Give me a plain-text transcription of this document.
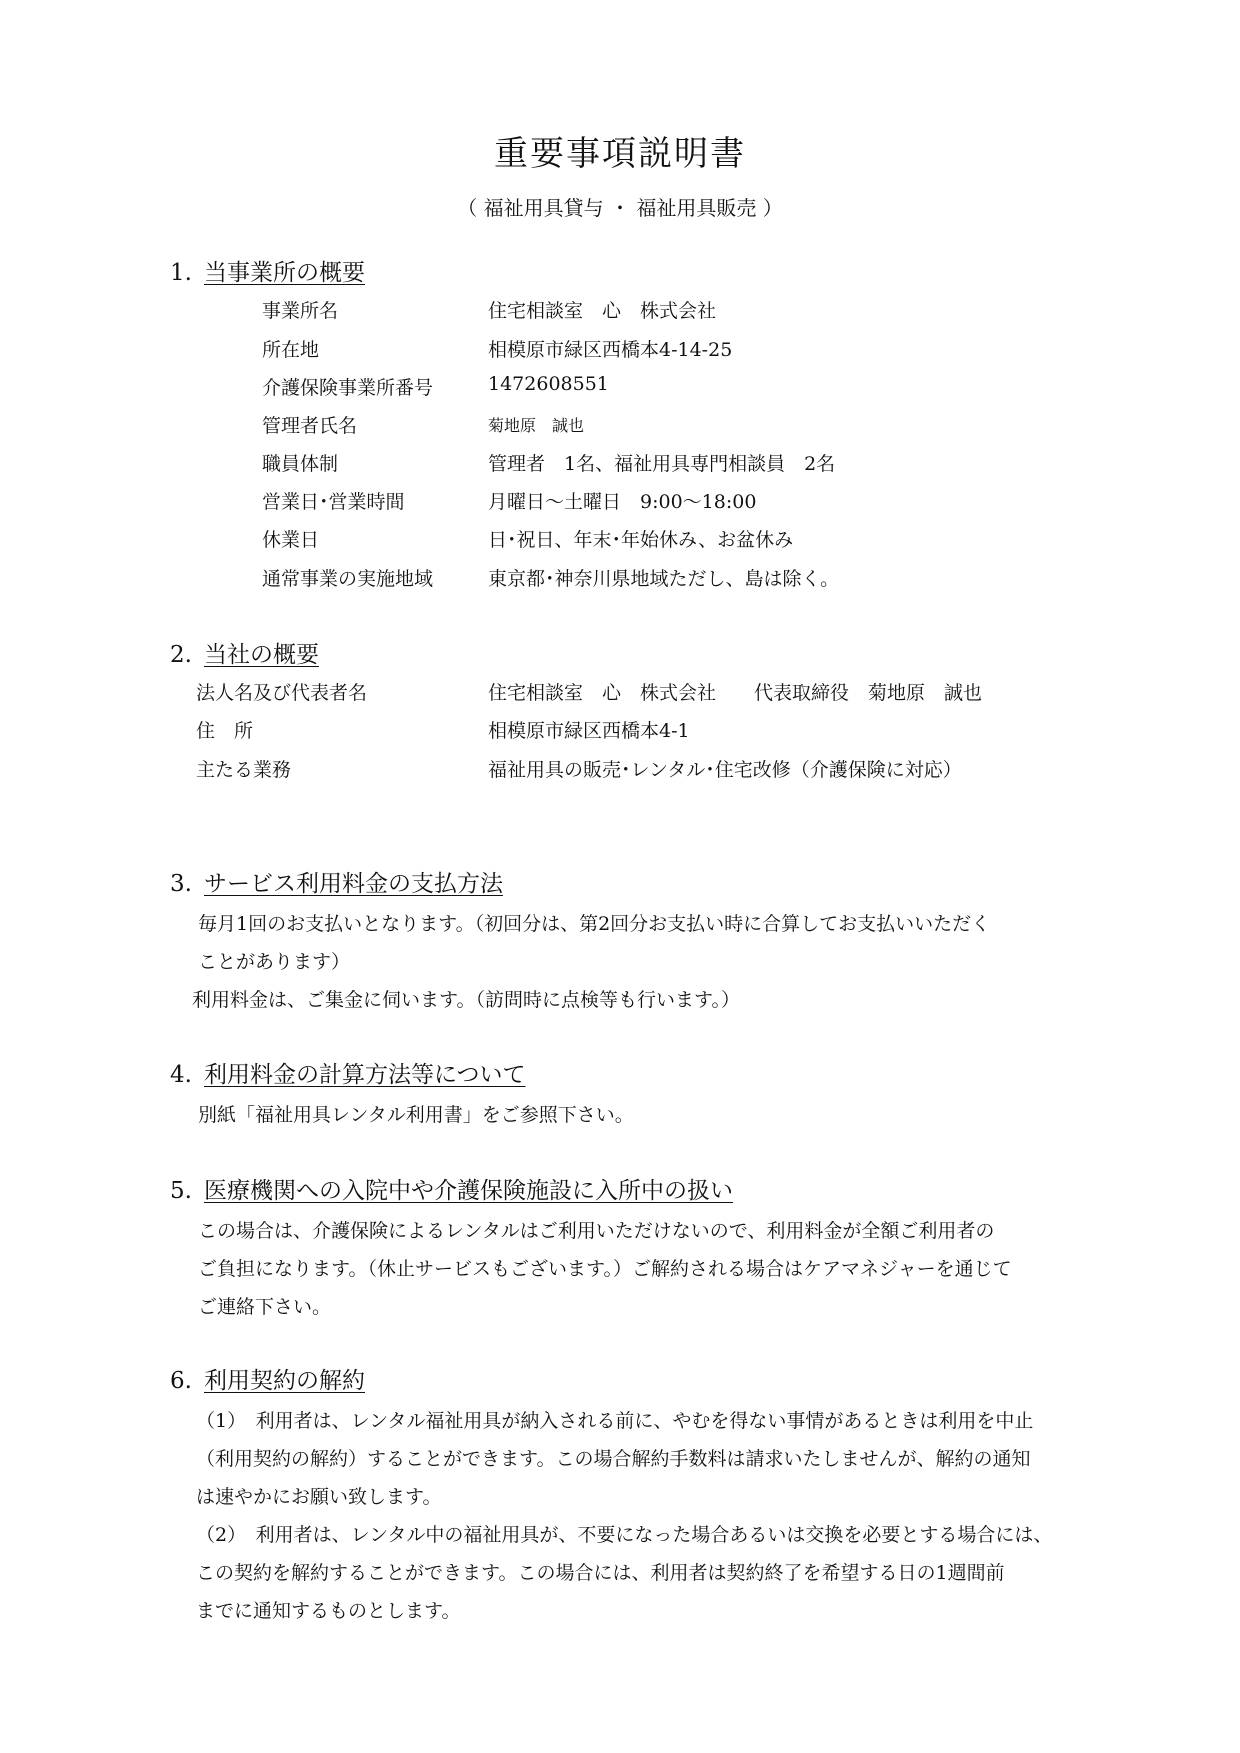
重要事項説明書

（ 福祉用具貸与 ・ 福祉用具販売 ）

1. 当事業所の概要
事業所名	住宅相談室　心　株式会社
所在地	相模原市緑区西橋本4-14-25
介護保険事業所番号	1472608551
管理者氏名	菊地原　誠也
職員体制	管理者　1名、福祉用具専門相談員　2名
営業日･営業時間	月曜日～土曜日　9:00～18:00
休業日	日･祝日、年末･年始休み、お盆休み
通常事業の実施地域	東京都･神奈川県地域ただし、島は除く。
2. 当社の概要
法人名及び代表者名	住宅相談室　心　株式会社　　代表取締役　菊地原　誠也
住　所	相模原市緑区西橋本4-1
主たる業務	福祉用具の販売･レンタル･住宅改修（介護保険に対応）
3. サービス利用料金の支払方法

毎月1回のお支払いとなります。（初回分は、第2回分お支払い時に合算してお支払いいただく

ことがあります）

利用料金は、ご集金に伺います。（訪問時に点検等も行います。）

4. 利用料金の計算方法等について

別紙「福祉用具レンタル利用書」をご参照下さい。

5. 医療機関への入院中や介護保険施設に入所中の扱い

この場合は、介護保険によるレンタルはご利用いただけないので、利用料金が全額ご利用者の

ご負担になります。（休止サービスもございます。）ご解約される場合はケアマネジャーを通じて

ご連絡下さい。

6. 利用契約の解約

（1）　利用者は、レンタル福祉用具が納入される前に、やむを得ない事情があるときは利用を中止

（利用契約の解約）することができます。この場合解約手数料は請求いたしませんが、解約の通知

は速やかにお願い致します。

（2）　利用者は、レンタル中の福祉用具が、不要になった場合あるいは交換を必要とする場合には、

この契約を解約することができます。この場合には、利用者は契約終了を希望する日の1週間前

までに通知するものとします。
